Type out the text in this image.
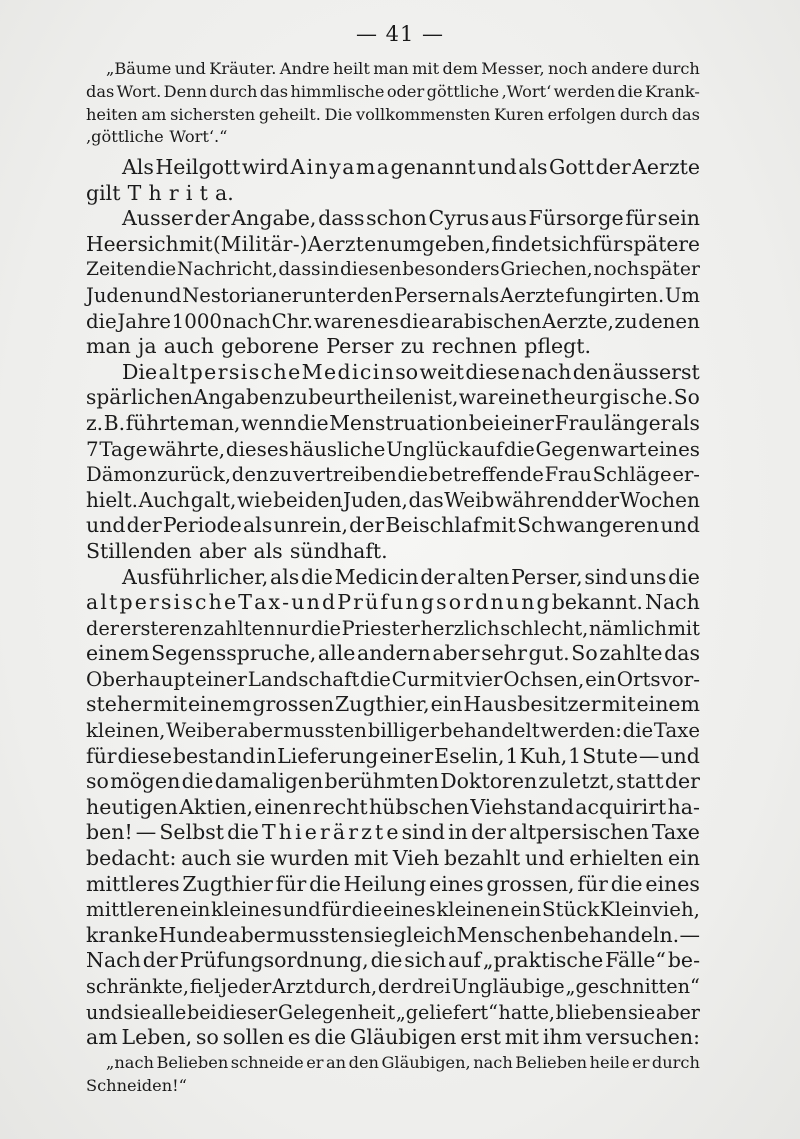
— 41 —
„Bäume und Kräuter. Andre heilt man mit dem Messer, noch andere durch
das Wort. Denn durch das himmlische oder göttliche ‚Wort‘ werden die Krank-
heiten am sichersten geheilt. Die vollkommensten Kuren erfolgen durch das
‚göttliche Wort‘.“
Als Heilgott wird A i n y a m a genannt und als Gott der Aerzte
gilt T h r i t a.
Ausser der Angabe, dass schon Cyrus aus Fürsorge für sein
Heer sich mit (M i l i t ä r -) A e r z t e n umgeben, findet sich für spätere
Zeiten die Nachricht, dass in diesen besonders Griechen, noch später
Juden und Nestorianer unter den Persern als Aerzte fungirten. Um
die Jahre 1000 nach Chr. waren es die arabischen Aerzte, zu denen
man ja auch geborene Perser zu rechnen pflegt.
Die a l t p e r s i s c h e M e d i c i n so weit diese nach den äusserst
spärlichen Angaben zu beurtheilen ist, war eine t h e u r g i s c h e. So
z. B. führte man, wenn die Menstruation bei einer Frau länger als
7 Tage währte, dieses häusliche Unglück auf die Gegenwart eines
Dämon zurück, den zu vertreiben die betreffende Frau Schläge er-
hielt. Auch galt, wie bei den Juden, das Weib während der Wochen
und der Periode als unrein, der Beischlaf mit Schwangeren und
Stillenden aber als sündhaft.
Ausführlicher, als die Medicin der alten Perser, sind uns die
a l t p e r s i s c h e T a x - u n d P r ü f u n g s o r d n u n g bekannt. Nach
der ersteren zahlten nur die Priester herzlich schlecht, nämlich mit
einem Segensspruche, alle andern aber sehr gut. So zahlte das
Oberhaupt einer Landschaft die Cur mit vier Ochsen, ein Ortsvor-
steher mit einem grossen Zugthier, ein Hausbesitzer mit einem
kleinen, Weiber aber mussten billiger behandelt werden: die Taxe
für diese bestand in Lieferung einer Eselin, 1 Kuh, 1 Stute — und
so mögen die damaligen berühmten Doktoren zuletzt, statt der
heutigen Aktien, einen recht hübschen Viehstand acquirirt ha-
ben! — Selbst die T h i e r ä r z t e sind in der altpersischen Taxe
bedacht: auch sie wurden mit Vieh bezahlt und erhielten ein
mittleres Zugthier für die Heilung eines grossen, für die eines
mittleren ein kleines und für die eines kleinen ein Stück Kleinvieh,
kranke Hunde aber mussten sie gleich Menschen behandeln. —
Nach der Prüfungsordnung, die sich auf „praktische Fälle“ be-
schränkte, fiel jeder Arzt durch, der drei Ungläubige „geschnitten“
und sie alle bei dieser Gelegenheit „geliefert“ hatte, blieben sie aber
am Leben, so sollen es die Gläubigen erst mit ihm versuchen:
„nach Belieben schneide er an den Gläubigen, nach Belieben heile er durch
Schneiden!“
